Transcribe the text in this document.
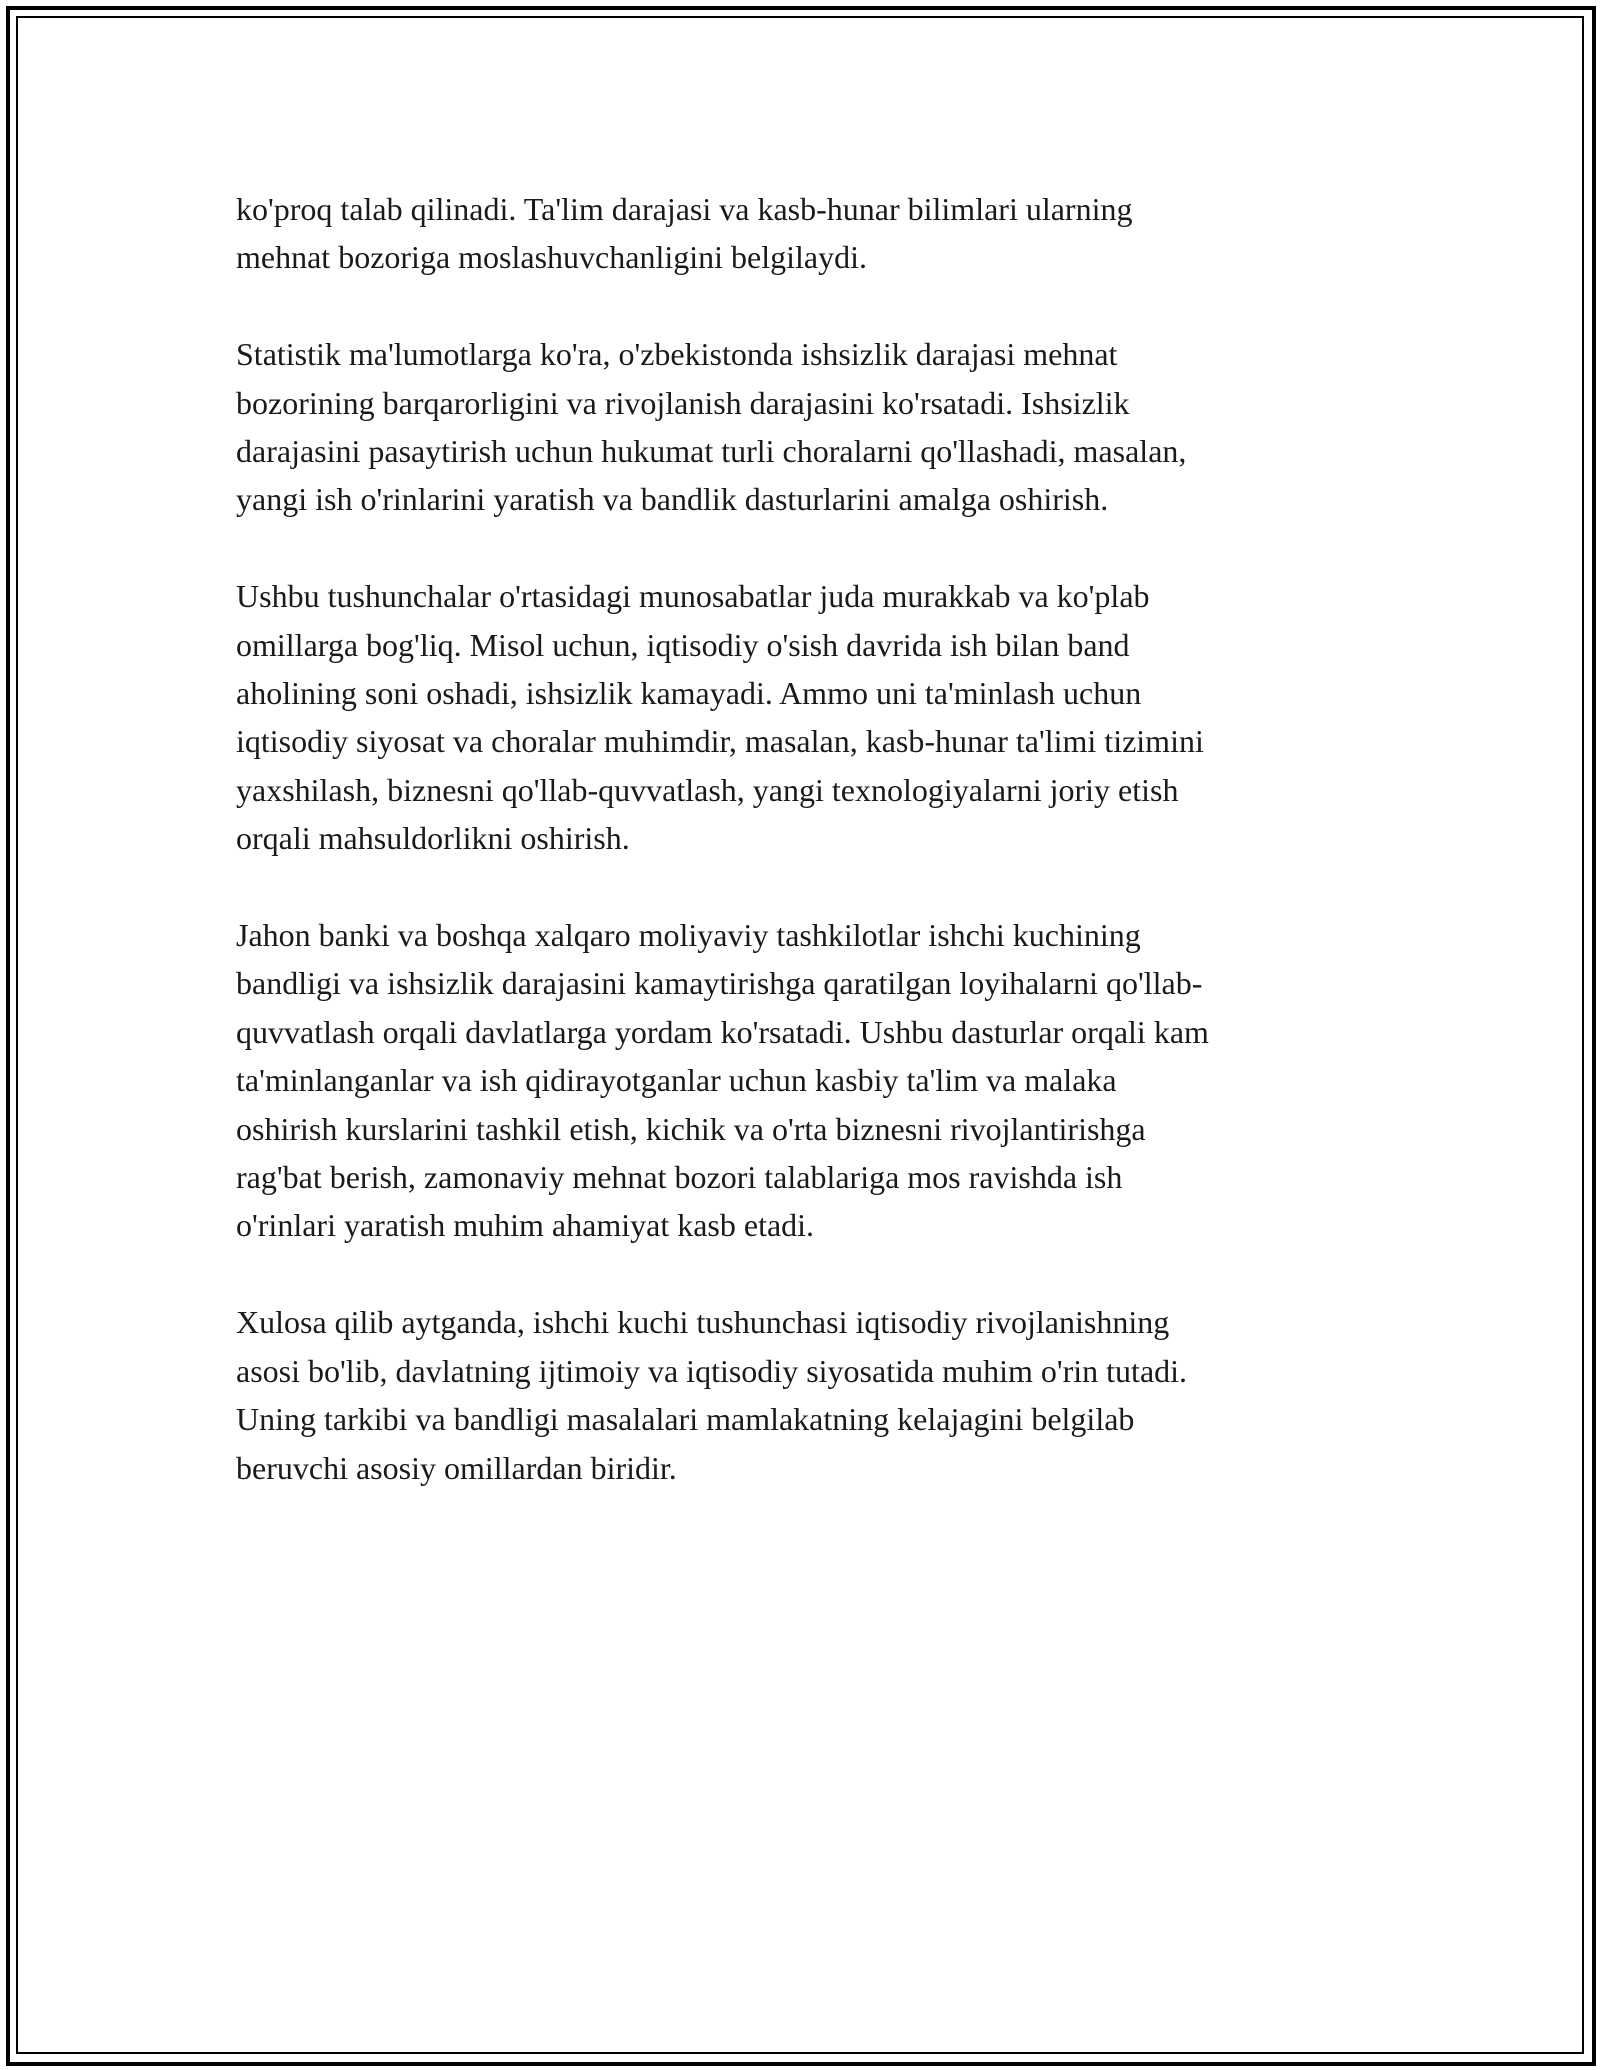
ko'proq talab qilinadi. Ta'lim darajasi va kasb-hunar bilimlari ularning
mehnat bozoriga moslashuvchanligini belgilaydi.

Statistik ma'lumotlarga ko'ra, o'zbekistonda ishsizlik darajasi mehnat
bozorining barqarorligini va rivojlanish darajasini ko'rsatadi. Ishsizlik
darajasini pasaytirish uchun hukumat turli choralarni qo'llashadi, masalan,
yangi ish o'rinlarini yaratish va bandlik dasturlarini amalga oshirish.

Ushbu tushunchalar o'rtasidagi munosabatlar juda murakkab va ko'plab
omillarga bog'liq. Misol uchun, iqtisodiy o'sish davrida ish bilan band
aholining soni oshadi, ishsizlik kamayadi. Ammo uni ta'minlash uchun
iqtisodiy siyosat va choralar muhimdir, masalan, kasb-hunar ta'limi tizimini
yaxshilash, biznesni qo'llab-quvvatlash, yangi texnologiyalarni joriy etish
orqali mahsuldorlikni oshirish.

Jahon banki va boshqa xalqaro moliyaviy tashkilotlar ishchi kuchining
bandligi va ishsizlik darajasini kamaytirishga qaratilgan loyihalarni qo'llab-
quvvatlash orqali davlatlarga yordam ko'rsatadi. Ushbu dasturlar orqali kam
ta'minlanganlar va ish qidirayotganlar uchun kasbiy ta'lim va malaka
oshirish kurslarini tashkil etish, kichik va o'rta biznesni rivojlantirishga
rag'bat berish, zamonaviy mehnat bozori talablariga mos ravishda ish
o'rinlari yaratish muhim ahamiyat kasb etadi.

Xulosa qilib aytganda, ishchi kuchi tushunchasi iqtisodiy rivojlanishning
asosi bo'lib, davlatning ijtimoiy va iqtisodiy siyosatida muhim o'rin tutadi.
Uning tarkibi va bandligi masalalari mamlakatning kelajagini belgilab
beruvchi asosiy omillardan biridir.
